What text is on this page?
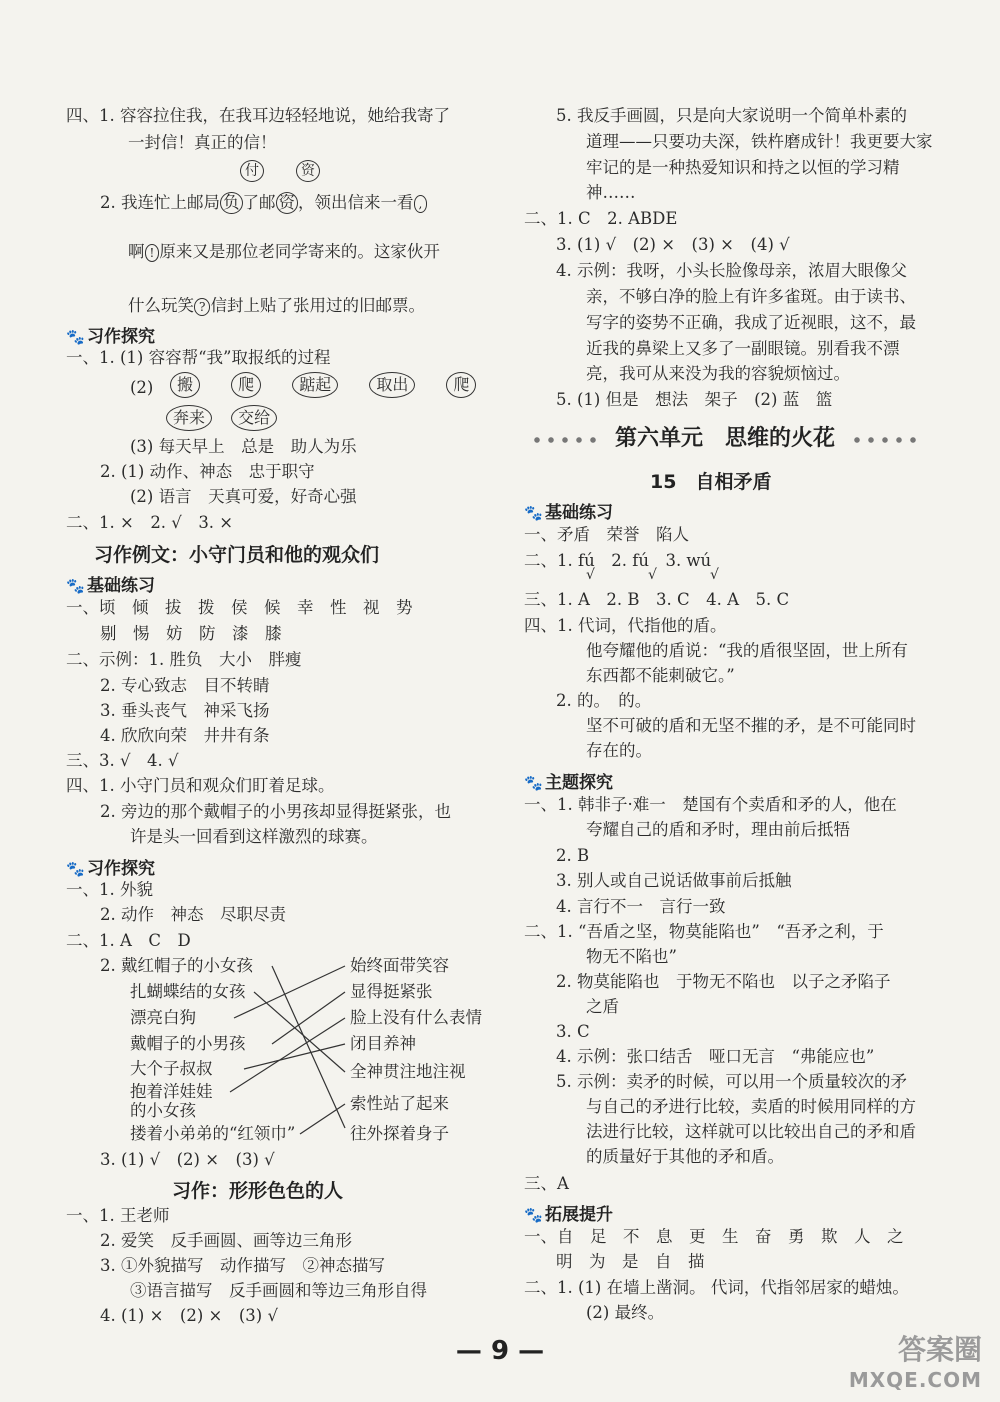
四、1. 容容拉住我，在我耳边轻轻地说，她给我寄了
一封信！真正的信！
付	资
2. 我连忙上邮局 负 了邮 资 ，领出信来一看 ,
啊 ! 原来又是那位老同学寄来的。这家伙开
什么玩笑 ? 信封上贴了张用过的旧邮票。
🐾 习作探究
一、1. (1) 容容帮“我”取报纸的过程
(2)	搬	爬	踮起	取出	爬
奔来 交给
(3) 每天早上　总是　助人为乐
2. (1) 动作、神态　忠于职守
(2) 语言　天真可爱，好奇心强
二、1. ×　2. √　3. ×
习作例文：小守门员和他的观众们
🐾 基础练习
一、顷　倾　拔　拨　侯　候　幸　性　视　势
剔　惕　妨　防　漆　膝
二、示例：1. 胜负　大小　胖瘦
2. 专心致志　目不转睛
3. 垂头丧气　神采飞扬
4. 欣欣向荣　井井有条
三、3. √　4. √
四、1. 小守门员和观众们盯着足球。
2. 旁边的那个戴帽子的小男孩却显得挺紧张，也
许是头一回看到这样激烈的球赛。
🐾 习作探究
一、1. 外貌
2. 动作　神态　尽职尽责
二、1. A　C　D
2. 戴红帽子的小女孩
扎蝴蝶结的女孩
漂亮白狗
戴帽子的小男孩
大个子叔叔
抱着洋娃娃
的小女孩
搂着小弟弟的“红领巾”
始终面带笑容
显得挺紧张
脸上没有什么表情
闭目养神
全神贯注地注视
索性站了起来
往外探着身子
3. (1) √　(2) ×　(3) √
习作：形形色色的人
一、1. 王老师
2. 爱笑　反手画圆、画等边三角形
3. ①外貌描写　动作描写　②神态描写
③语言描写　反手画圆和等边三角形自得
4. (1) ×　(2) ×　(3) √
5. 我反手画圆，只是向大家说明一个简单朴素的
道理——只要功夫深，铁杵磨成针！我更要大家
牢记的是一种热爱知识和持之以恒的学习精
神……
二、1. C　2. ABDE
3. (1) √　(2) ×　(3) ×　(4) √
4. 示例：我呀，小头长脸像母亲，浓眉大眼像父
亲，不够白净的脸上有许多雀斑。由于读书、
写字的姿势不正确，我成了近视眼，这不，最
近我的鼻梁上又多了一副眼镜。别看我不漂
亮，我可从来没为我的容貌烦恼过。
5. (1) 但是　想法　架子　(2) 蓝　篮
第六单元　思维的火花
15　自相矛盾
🐾 基础练习
一、矛盾　荣誉　陷人
二、1. fú　2. fú　3. wú
√	√	√
三、1. A　2. B　3. C　4. A　5. C
四、1. 代词，代指他的盾。
他夸耀他的盾说：“我的盾很坚固，世上所有
东西都不能刺破它。”
2. 的。　的。
坚不可破的盾和无坚不摧的矛，是不可能同时
存在的。
🐾 主题探究
一、1. 韩非子·难一　楚国有个卖盾和矛的人，他在
夸耀自己的盾和矛时，理由前后抵牾
2. B
3. 别人或自己说话做事前后抵触
4. 言行不一　言行一致
二、1. “吾盾之坚，物莫能陷也”　“吾矛之利，于
物无不陷也”
2. 物莫能陷也　于物无不陷也　以子之矛陷子
之盾
3. C
4. 示例：张口结舌　哑口无言　“弗能应也”
5. 示例：卖矛的时候，可以用一个质量较次的矛
与自己的矛进行比较，卖盾的时候用同样的方
法进行比较，这样就可以比较出自己的矛和盾
的质量好于其他的矛和盾。
三、A
🐾 拓展提升
一、自　足　不　息　更　生　奋　勇　欺　人　之
明　为　是　自　描
二、1. (1) 在墙上凿洞。 代词，代指邻居家的蜡烛。
(2) 最终。
— 9 —	答案圈
MXQE.COM
